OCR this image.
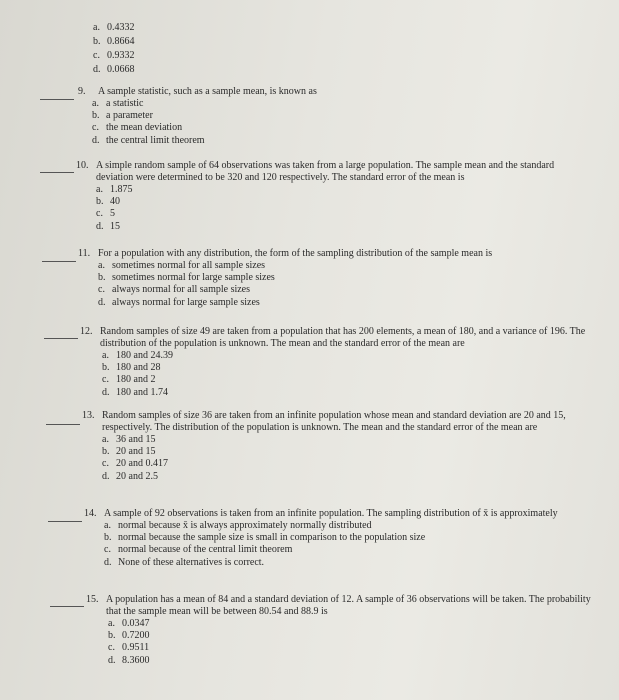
a. 0.4332
b. 0.8664
c. 0.9332
d. 0.0668
9. A sample statistic, such as a sample mean, is known as
a. a statistic
b. a parameter
c. the mean deviation
d. the central limit theorem
10. A simple random sample of 64 observations was taken from a large population. The sample mean and the standard deviation were determined to be 320 and 120 respectively. The standard error of the mean is
a. 1.875
b. 40
c. 5
d. 15
11. For a population with any distribution, the form of the sampling distribution of the sample mean is
a. sometimes normal for all sample sizes
b. sometimes normal for large sample sizes
c. always normal for all sample sizes
d. always normal for large sample sizes
12. Random samples of size 49 are taken from a population that has 200 elements, a mean of 180, and a variance of 196. The distribution of the population is unknown. The mean and the standard error of the mean are
a. 180 and 24.39
b. 180 and 28
c. 180 and 2
d. 180 and 1.74
13. Random samples of size 36 are taken from an infinite population whose mean and standard deviation are 20 and 15, respectively. The distribution of the population is unknown. The mean and the standard error of the mean are
a. 36 and 15
b. 20 and 15
c. 20 and 0.417
d. 20 and 2.5
14. A sample of 92 observations is taken from an infinite population. The sampling distribution of x̄ is approximately
a. normal because x̄ is always approximately normally distributed
b. normal because the sample size is small in comparison to the population size
c. normal because of the central limit theorem
d. None of these alternatives is correct.
15. A population has a mean of 84 and a standard deviation of 12. A sample of 36 observations will be taken. The probability that the sample mean will be between 80.54 and 88.9 is
a. 0.0347
b. 0.7200
c. 0.9511
d. 8.3600
